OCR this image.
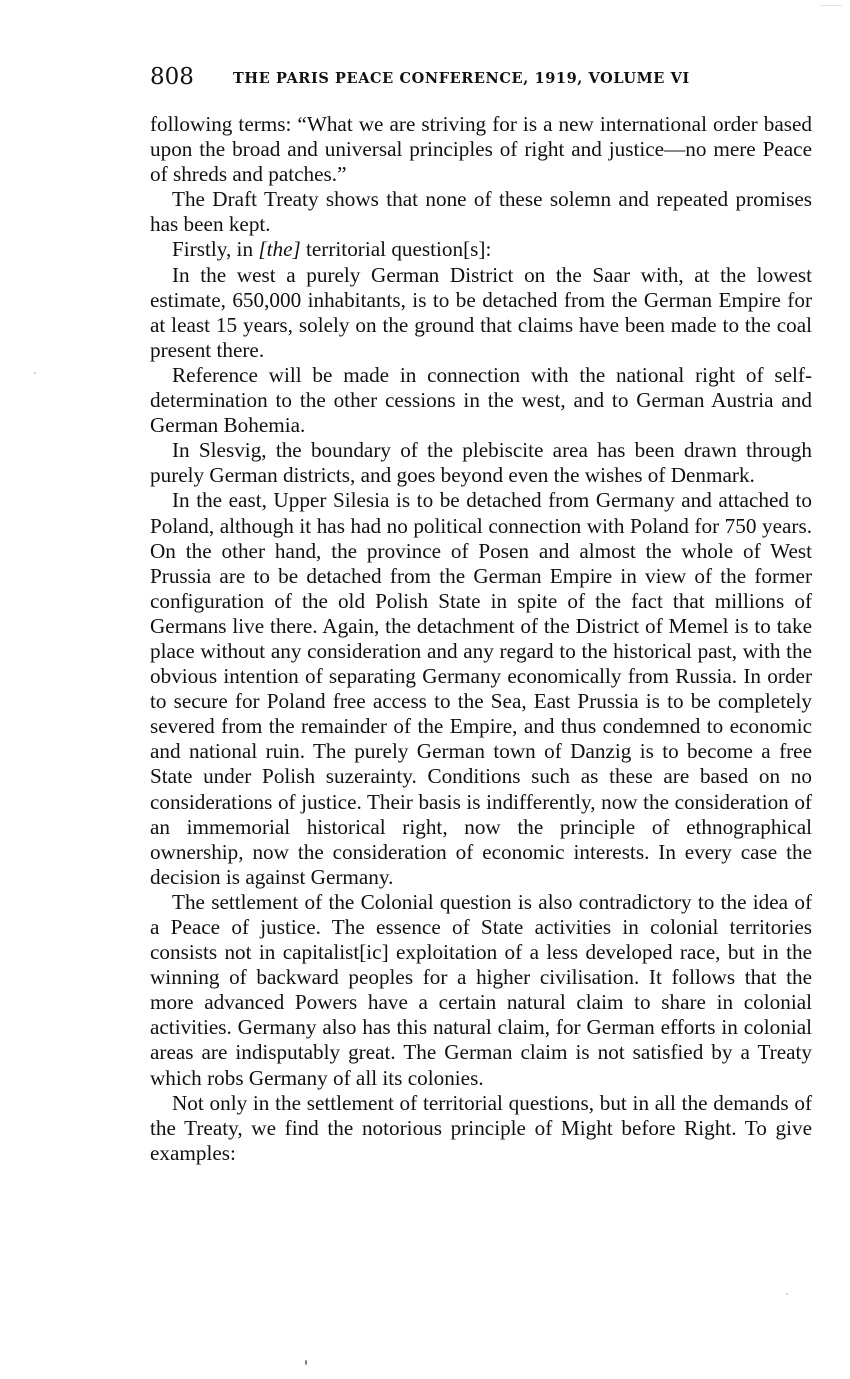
808	THE PARIS PEACE CONFERENCE, 1919, VOLUME VI

following terms: “What we are striving for is a new international order based upon the broad and universal principles of right and justice—no mere Peace of shreds and patches.”

The Draft Treaty shows that none of these solemn and repeated promises has been kept.

Firstly, in [the] territorial question[s]:

In the west a purely German District on the Saar with, at the lowest estimate, 650,000 inhabitants, is to be detached from the German Empire for at least 15 years, solely on the ground that claims have been made to the coal present there.

Reference will be made in connection with the national right of self-determination to the other cessions in the west, and to German Austria and German Bohemia.

In Slesvig, the boundary of the plebiscite area has been drawn through purely German districts, and goes beyond even the wishes of Denmark.

In the east, Upper Silesia is to be detached from Germany and attached to Poland, although it has had no political connection with Poland for 750 years. On the other hand, the province of Posen and almost the whole of West Prussia are to be detached from the German Empire in view of the former configuration of the old Polish State in spite of the fact that millions of Germans live there. Again, the detachment of the District of Memel is to take place without any consideration and any regard to the historical past, with the obvious intention of separating Germany economically from Russia. In order to secure for Poland free access to the Sea, East Prussia is to be completely severed from the remainder of the Empire, and thus condemned to economic and national ruin. The purely German town of Danzig is to become a free State under Polish suzerainty. Conditions such as these are based on no considerations of justice. Their basis is indifferently, now the consideration of an immemorial historical right, now the principle of ethnographical ownership, now the consideration of economic interests. In every case the decision is against Germany.

The settlement of the Colonial question is also contradictory to the idea of a Peace of justice. The essence of State activities in colonial territories consists not in capitalist[ic] exploitation of a less developed race, but in the winning of backward peoples for a higher civilisation. It follows that the more advanced Powers have a certain natural claim to share in colonial activities. Germany also has this natural claim, for German efforts in colonial areas are indisputably great. The German claim is not satisfied by a Treaty which robs Germany of all its colonies.

Not only in the settlement of territorial questions, but in all the demands of the Treaty, we find the notorious principle of Might before Right. To give examples:
